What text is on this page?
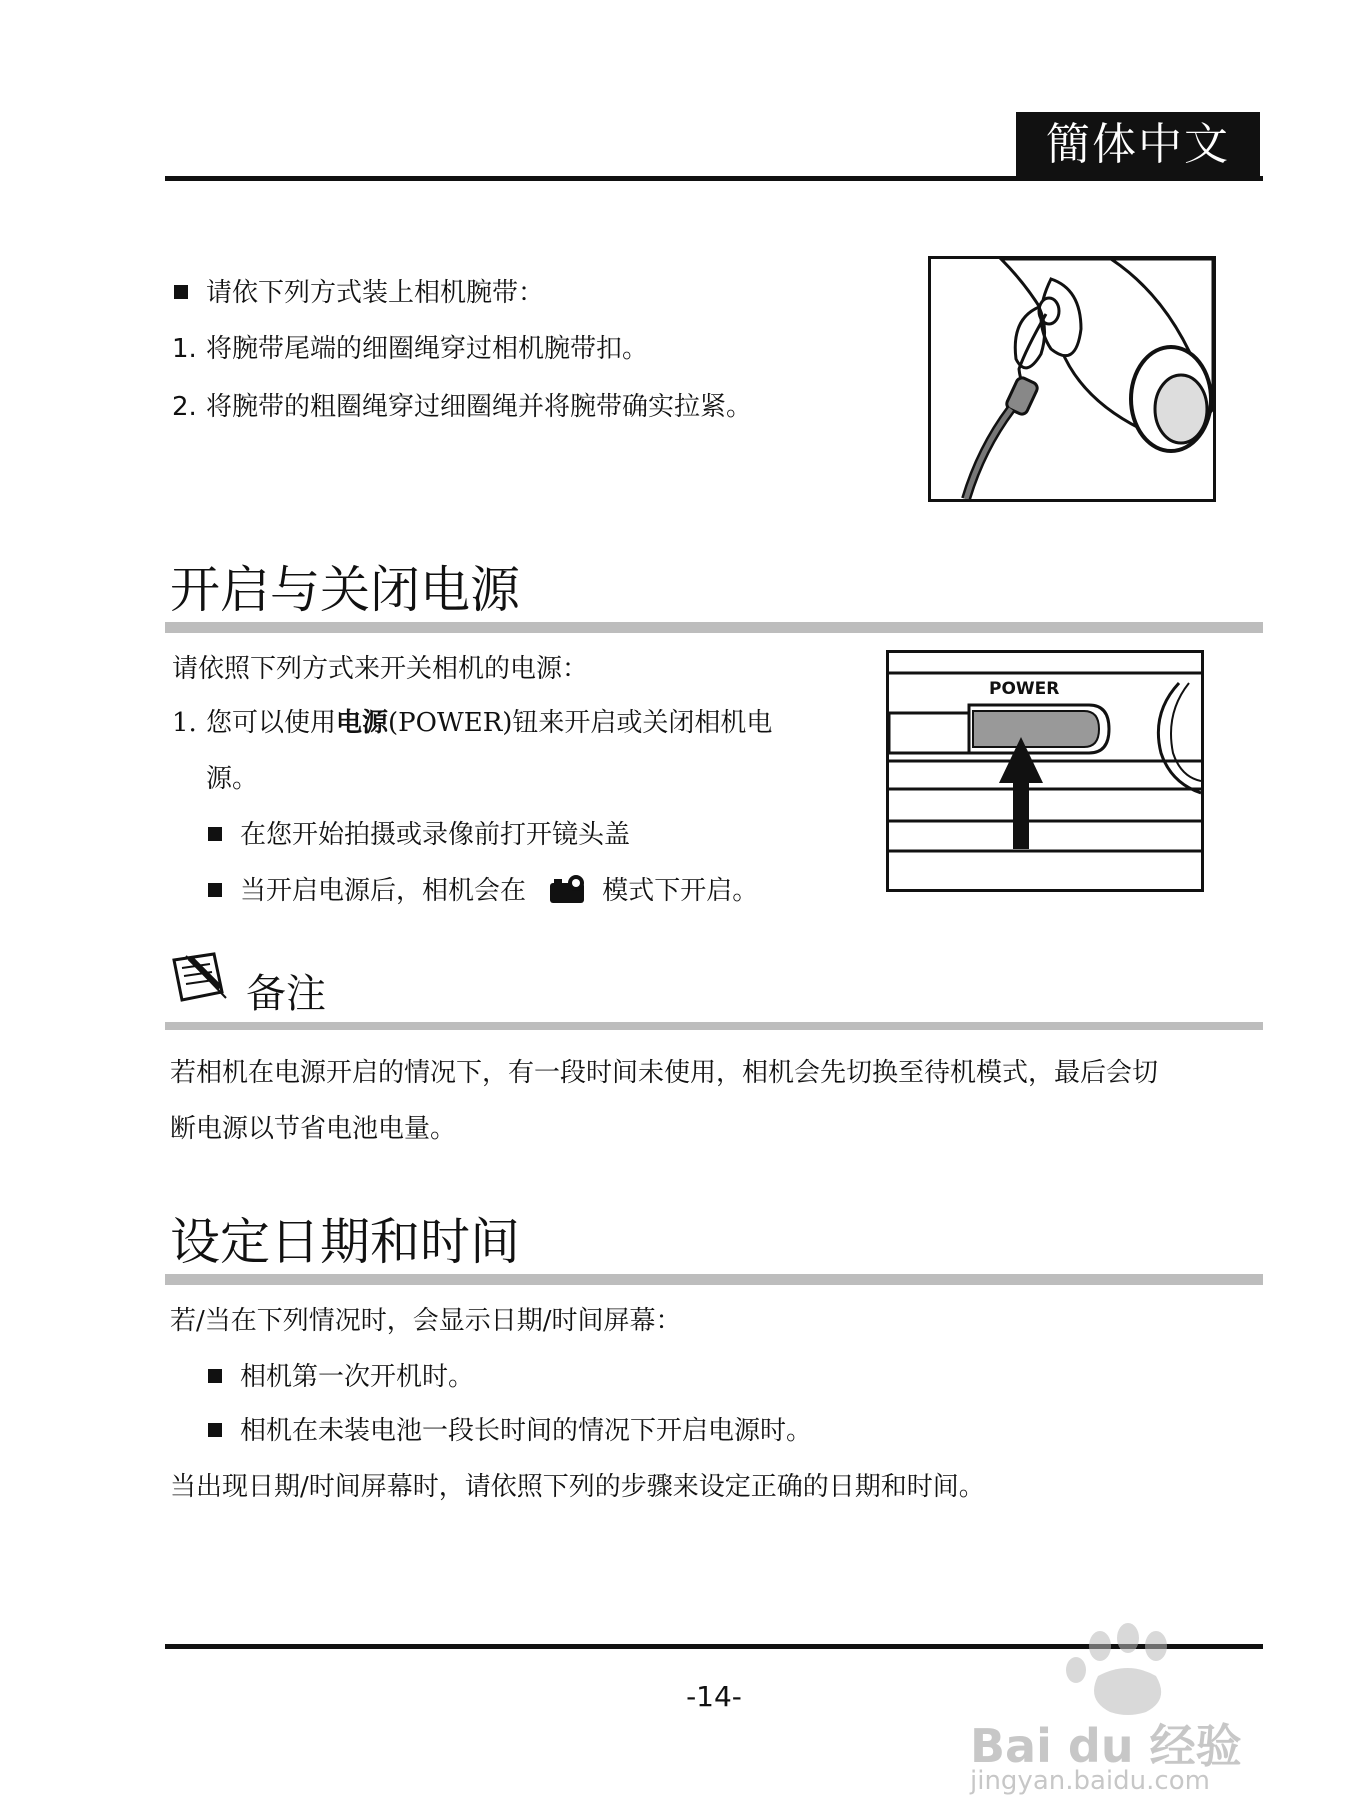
簡体中文
请依下列方式装上相机腕带：
1. 将腕带尾端的细圈绳穿过相机腕带扣。
2. 将腕带的粗圈绳穿过细圈绳并将腕带确实拉紧。
开启与关闭电源
请依照下列方式来开关相机的电源：
1. 您可以使用电源(POWER)钮来开启或关闭相机电
源。
在您开始拍摄或录像前打开镜头盖
当开启电源后，相机会在	模式下开启。
POWER
备注
若相机在电源开启的情况下，有一段时间未使用，相机会先切换至待机模式，最后会切
断电源以节省电池电量。
设定日期和时间
若/当在下列情况时，会显示日期/时间屏幕：
相机第一次开机时。
相机在未装电池一段长时间的情况下开启电源时。
当出现日期/时间屏幕时，请依照下列的步骤来设定正确的日期和时间。
-14-
Bai du 经验
jingyan.baidu.com
